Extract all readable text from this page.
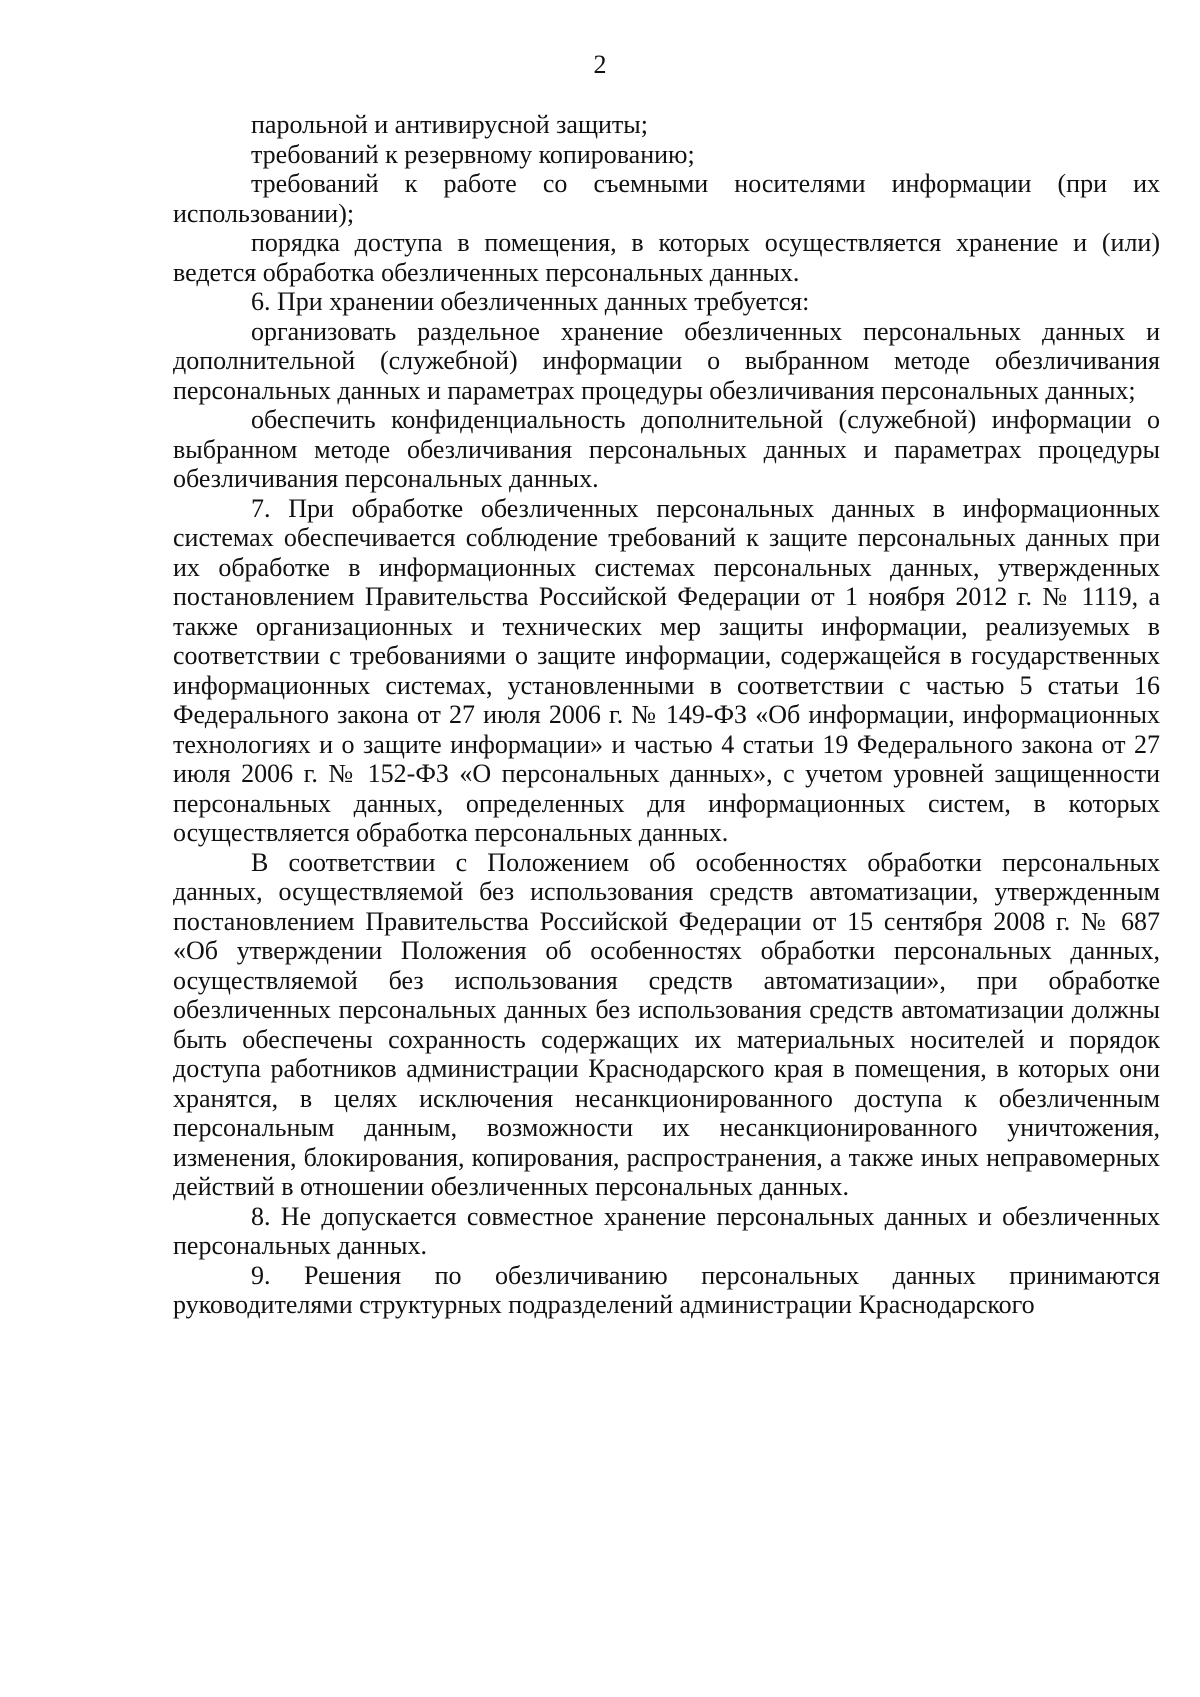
2

парольной и антивирусной защиты;

требований к резервному копированию;

требований к работе со съемными носителями информации (при их использовании);

порядка доступа в помещения, в которых осуществляется хранение и (или) ведется обработка обезличенных персональных данных.

6. При хранении обезличенных данных требуется:

организовать раздельное хранение обезличенных персональных данных и дополнительной (служебной) информации о выбранном методе обезличивания персональных данных и параметрах процедуры обезличивания персональных данных;

обеспечить конфиденциальность дополнительной (служебной) информации о выбранном методе обезличивания персональных данных и параметрах процедуры обезличивания персональных данных.

7. При обработке обезличенных персональных данных в информационных системах обеспечивается соблюдение требований к защите персональных данных при их обработке в информационных системах персональных данных, утвержденных постановлением Правительства Российской Федерации от 1 ноября 2012 г. № 1119, а также организационных и технических мер защиты информации, реализуемых в соответствии с требованиями о защите информации, содержащейся в государственных информационных системах, установленными в соответствии с частью 5 статьи 16 Федерального закона от 27 июля 2006 г. № 149-ФЗ «Об информации, информационных технологиях и о защите информации» и частью 4 статьи 19 Федерального закона от 27 июля 2006 г. № 152-ФЗ «О персональных данных», с учетом уровней защищенности персональных данных, определенных для информационных систем, в которых осуществляется обработка персональных данных.

В соответствии с Положением об особенностях обработки персональных данных, осуществляемой без использования средств автоматизации, утвержденным постановлением Правительства Российской Федерации от 15 сентября 2008 г. № 687 «Об утверждении Положения об особенностях обработки персональных данных, осуществляемой без использования средств автоматизации», при обработке обезличенных персональных данных без использования средств автоматизации должны быть обеспечены сохранность содержащих их материальных носителей и порядок доступа работников администрации Краснодарского края в помещения, в которых они хранятся, в целях исключения несанкционированного доступа к обезличенным персональным данным, возможности их несанкционированного уничтожения, изменения, блокирования, копирования, распространения, а также иных неправомерных действий в отношении обезличенных персональных данных.

8. Не допускается совместное хранение персональных данных и обезличенных персональных данных.

9. Решения по обезличиванию персональных данных принимаются руководителями структурных подразделений администрации Краснодарского
